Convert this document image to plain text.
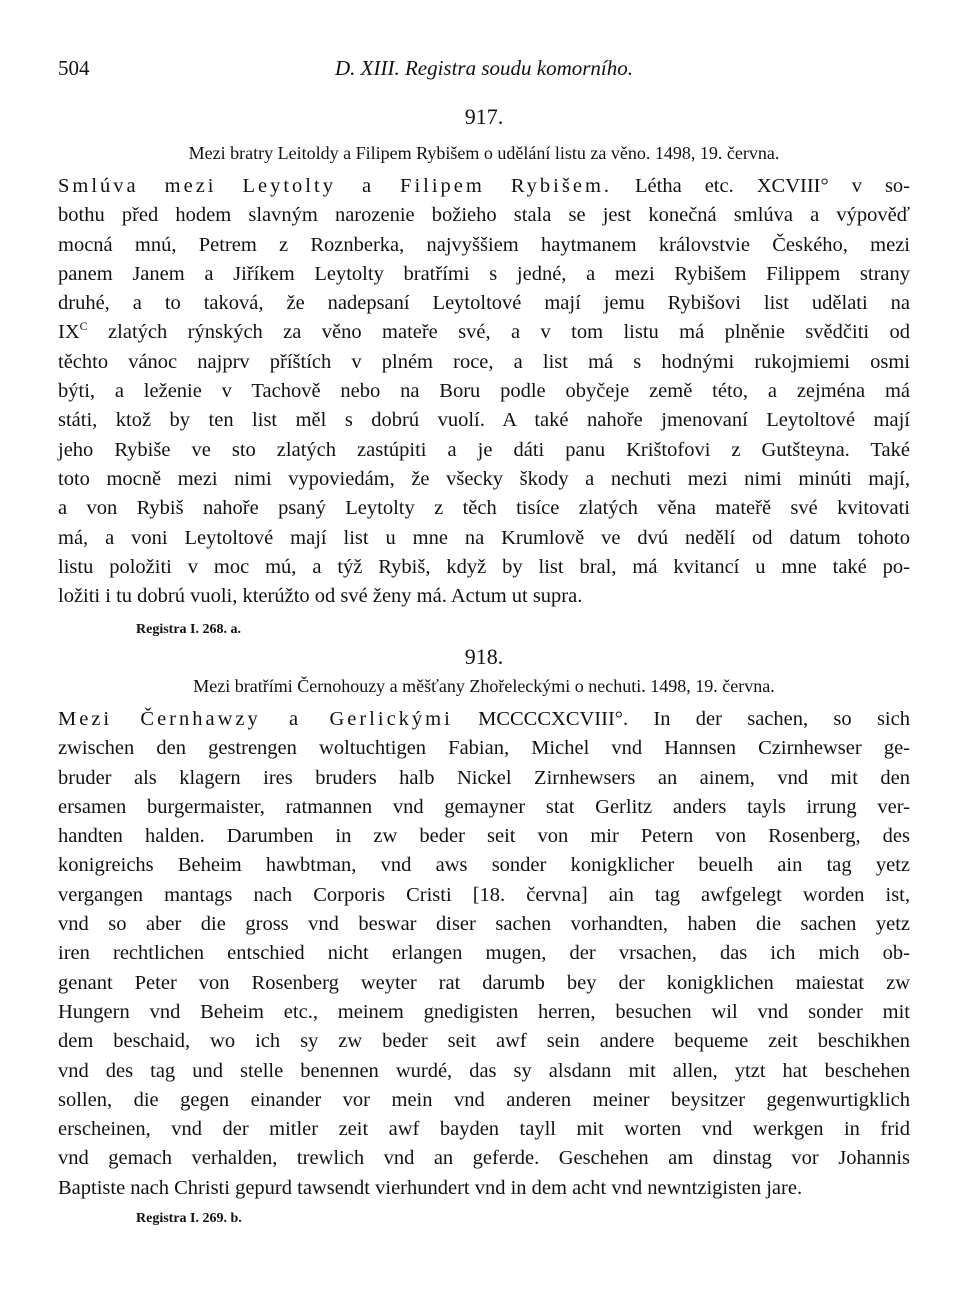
504	D. XIII. Registra soudu komorního.
917.
Mezi bratry Leitoldy a Filipem Rybišem o udělání listu za věno. 1498, 19. června.
Smlúva mezi Leytolty a Filipem Rybišem. Létha etc. XCVIII° v so-
bothu před hodem slavným narozenie božieho stala se jest konečná smlúva a výpověď
mocná mnú, Petrem z Roznberka, najvyššiem haytmanem královstvie Českého, mezi
panem Janem a Jiříkem Leytolty bratřími s jedné, a mezi Rybišem Filippem strany
druhé, a to taková, že nadepsaní Leytoltové mají jemu Rybišovi list udělati na
$IX^C$ zlatých rýnských za věno mateře své, a v tom listu má plněnie svědčiti od
těchto vánoc najprv příštích v plném roce, a list má s hodnými rukojmiemi osmi
býti, a leženie v Tachově nebo na Boru podle obyčeje země této, a zejména má
státi, ktož by ten list měl s dobrú vuolí. A také nahoře jmenovaní Leytoltové mají
jeho Rybiše ve sto zlatých zastúpiti a je dáti panu Krištofovi z Gutšteyna. Také
toto mocně mezi nimi vypoviedám, že všecky škody a nechuti mezi nimi minúti mají,
a von Rybiš nahoře psaný Leytolty z těch tisíce zlatých věna mateřě své kvitovati
má, a voni Leytoltové mají list u mne na Krumlově ve dvú nedělí od datum tohoto
listu položiti v moc mú, a týž Rybiš, když by list bral, má kvitancí u mne také po-
ložiti i tu dobrú vuoli, kterúžto od své ženy má. Actum ut supra.
Registra I. 268. a.
918.
Mezi bratřími Černohouzy a měšťany Zhořeleckými o nechuti. 1498, 19. června.
Mezi Černhawzy a Gerlickými MCCCCXCVIII°. In der sachen, so sich
zwischen den gestrengen woltuchtigen Fabian, Michel vnd Hannsen Czirnhewser ge-
bruder als klagern ires bruders halb Nickel Zirnhewsers an ainem, vnd mit den
ersamen burgermaister, ratmannen vnd gemayner stat Gerlitz anders tayls irrung ver-
handten halden. Darumben in zw beder seit von mir Petern von Rosenberg, des
konigreichs Beheim hawbtman, vnd aws sonder konigklicher beuelh ain tag yetz
vergangen mantags nach Corporis Cristi [18. června] ain tag awfgelegt worden ist,
vnd so aber die gross vnd beswar diser sachen vorhandten, haben die sachen yetz
iren rechtlichen entschied nicht erlangen mugen, der vrsachen, das ich mich ob-
genant Peter von Rosenberg weyter rat darumb bey der konigklichen maiestat zw
Hungern vnd Beheim etc., meinem gnedigisten herren, besuchen wil vnd sonder mit
dem beschaid, wo ich sy zw beder seit awf sein andere bequeme zeit beschikhen
vnd des tag und stelle benennen wurdé, das sy alsdann mit allen, ytzt hat beschehen
sollen, die gegen einander vor mein vnd anderen meiner beysitzer gegenwurtigklich
erscheinen, vnd der mitler zeit awf bayden tayll mit worten vnd werkgen in frid
vnd gemach verhalden, trewlich vnd an geferde. Geschehen am dinstag vor Johannis
Baptiste nach Christi gepurd tawsendt vierhundert vnd in dem acht vnd newntzigisten jare.
Registra I. 269. b.
